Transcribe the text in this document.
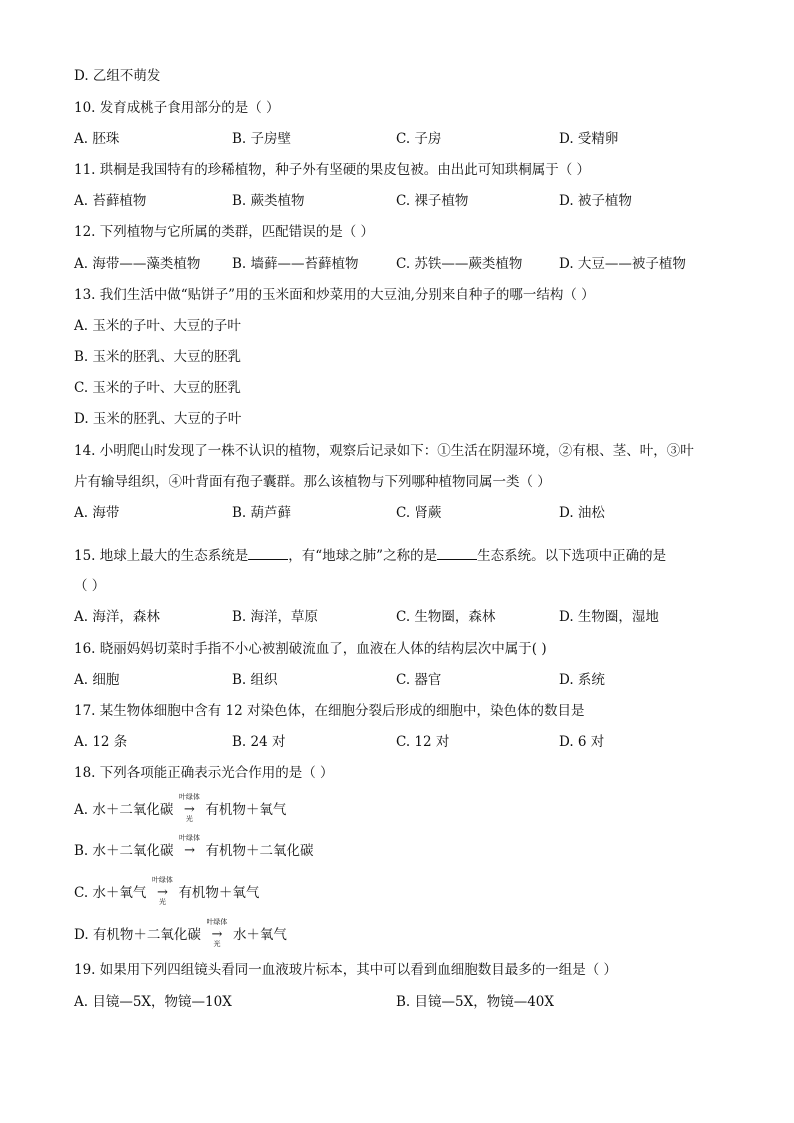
D. 乙组不萌发
10. 发育成桃子食用部分的是（ ）
A. 胚珠	B. 子房壁	C. 子房	D. 受精卵
11. 珙桐是我国特有的珍稀植物，种子外有坚硬的果皮包被。由出此可知珙桐属于（ ）
A. 苔藓植物	B. 蕨类植物	C. 裸子植物	D. 被子植物
12. 下列植物与它所属的类群，匹配错误的是（ ）
A. 海带——藻类植物 B. 墙藓——苔藓植物	C. 苏铁——蕨类植物	D. 大豆——被子植物
13. 我们生活中做“贴饼子”用的玉米面和炒菜用的大豆油,分别来自种子的哪一结构（ ）
A. 玉米的子叶、大豆的子叶
B. 玉米的胚乳、大豆的胚乳
C. 玉米的子叶、大豆的胚乳
D. 玉米的胚乳、大豆的子叶
14. 小明爬山时发现了一株不认识的植物，观察后记录如下：①生活在阴湿环境，②有根、茎、叶，③叶
片有输导组织，④叶背面有孢子囊群。那么该植物与下列哪种植物同属一类（ ）
A. 海带	B. 葫芦藓	C. 肾蕨	D. 油松
15. 地球上最大的生态系统是	，有“地球之肺”之称的是	生态系统。以下选项中正确的是
（ ）
A. 海洋，森林	B. 海洋，草原	C. 生物圈，森林	D. 生物圈，湿地
16. 晓丽妈妈切菜时手指不小心被割破流血了，血液在人体的结构层次中属于( )
A. 细胞	B. 组织	C. 器官	D. 系统
17. 某生物体细胞中含有 12 对染色体，在细胞分裂后形成的细胞中，染色体的数目是
A. 12 条	B. 24 对	C. 12 对	D. 6 对
18. 下列各项能正确表示光合作用的是（ ）
A.
水＋二氧化碳
叶绿体
→
光
有机物＋氧气
B.
水＋二氧化碳
叶绿体
→ 有机物＋二氧化碳
C.
水＋氧气
叶绿体
→
光
有机物＋氧气
D.
有机物＋二氧化碳
叶绿体
→
光
水＋氧气
19. 如果用下列四组镜头看同一血液玻片标本，其中可以看到血细胞数目最多的一组是（ ）
A. 目镜—5X，物镜—10X	B. 目镜—5X，物镜—40X
